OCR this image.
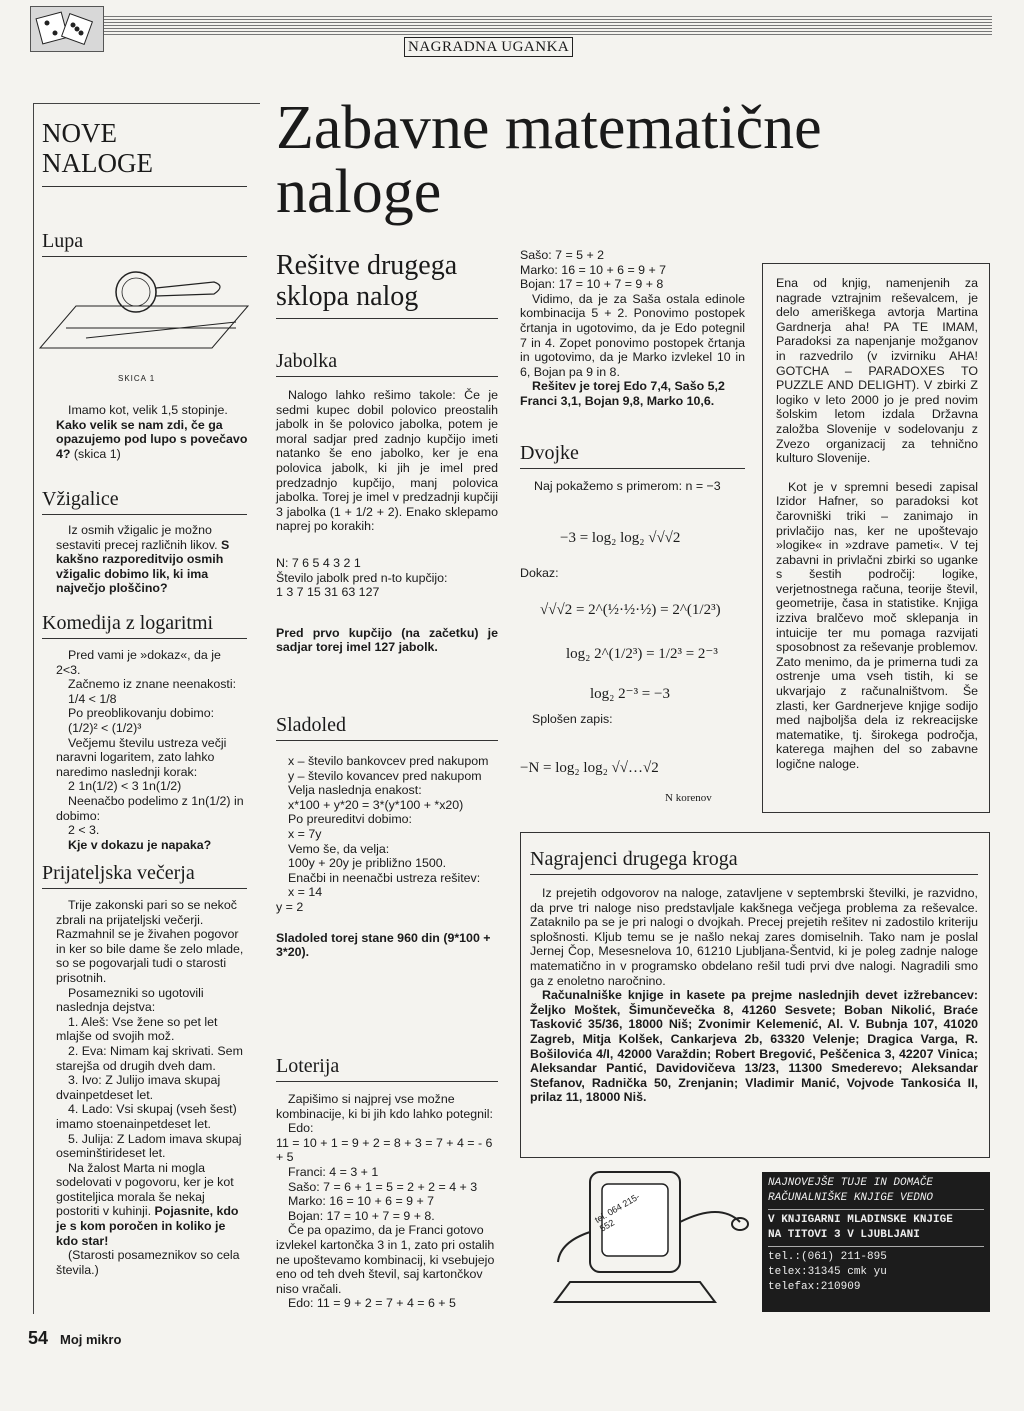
NAGRADNA UGANKA
NOVE
NALOGE
Lupa
SKICA 1

Imamo kot, velik 1,5 stopinje. Kako velik se nam zdi, če ga opazujemo pod lupo s povečavo 4? (skica 1)

Vžigalice

Iz osmih vžigalic je možno sestaviti precej različnih likov. S kakšno razporeditvijo osmih vžigalic dobimo lik, ki ima največjo ploščino?

Komedija z logaritmi

Pred vami je »dokaz«, da je 2<3.

Začnemo iz znane neenakosti:

1/4 < 1/8

Po preoblikovanju dobimo:

(1/2)² < (1/2)³

Večjemu številu ustreza večji naravni logaritem, zato lahko naredimo naslednji korak:

2 1n(1/2) < 3 1n(1/2)

Neenačbo podelimo z 1n(1/2) in dobimo:

2 < 3.

Kje v dokazu je napaka?

Prijateljska večerja

Trije zakonski pari so se nekoč zbrali na prijateljski večerji. Razmahnil se je živahen pogovor in ker so bile dame še zelo mlade, so se pogovarjali tudi o starosti prisotnih.

Posamezniki so ugotovili naslednja dejstva:

1. Aleš: Vse žene so pet let mlajše od svojih mož.

2. Eva: Nimam kaj skrivati. Sem starejša od drugih dveh dam.

3. Ivo: Z Julijo imava skupaj dvainpetdeset let.

4. Lado: Vsi skupaj (vseh šest) imamo stoenainpetdeset let.

5. Julija: Z Ladom imava skupaj oseminštirideset let.

Na žalost Marta ni mogla sodelovati v pogovoru, ker je kot gostiteljica morala še nekaj postoriti v kuhinji. Pojasnite, kdo je s kom poročen in koliko je kdo star!

(Starosti posameznikov so cela števila.)

54 Moj mikro
Zabavne matematične
naloge
Rešitve drugega sklopa nalog
Jabolka

Nalogo lahko rešimo takole: Če je sedmi kupec dobil polovico preostalih jabolk in še polovico jabolka, potem je moral sadjar pred zadnjo kupčijo imeti natanko še eno jabolko, ker je ena polovica jabolk, ki jih je imel pred predzadnjo kupčijo, manj polovica jabolka. Torej je imel v predzadnji kupčiji 3 jabolka (1 + 1/2 + 2). Enako sklepamo naprej po korakih:

N: 7 6 5 4 3 2 1

Število jabolk pred n-to kupčijo:

1 3 7 15 31 63 127

Pred prvo kupčijo (na začetku) je sadjar torej imel 127 jabolk.

Sladoled

x – število bankovcev pred nakupom

y – število kovancev pred nakupom

Velja naslednja enakost:

x*100 + y*20 = 3*(y*100 + *x20)

Po preureditvi dobimo:

x = 7y

Vemo še, da velja:

100y + 20y je približno 1500.

Enačbi in neenačbi ustreza rešitev:

x = 14

y = 2

Sladoled torej stane 960 din (9*100 + 3*20).

Loterija

Zapišimo si najprej vse možne kombinacije, ki bi jih kdo lahko potegnil:

Edo:

11 = 10 + 1 = 9 + 2 = 8 + 3 = 7 + 4 = - 6 + 5

Franci: 4 = 3 + 1

Sašo: 7 = 6 + 1 = 5 = 2 + 2 = 4 + 3

Marko: 16 = 10 + 6 = 9 + 7

Bojan: 17 = 10 + 7 = 9 + 8.

Če pa opazimo, da je Franci gotovo izvlekel kartončka 3 in 1, zato pri ostalih ne upoštevamo kombinacij, ki vsebujejo eno od teh dveh števil, saj kartončkov niso vračali.

Edo: 11 = 9 + 2 = 7 + 4 = 6 + 5

Sašo: 7 = 5 + 2

Marko: 16 = 10 + 6 = 9 + 7

Bojan: 17 = 10 + 7 = 9 + 8

Vidimo, da je za Saša ostala edinole kombinacija 5 + 2. Ponovimo postopek črtanja in ugotovimo, da je Edo potegnil 7 in 4. Zopet ponovimo postopek črtanja in ugotovimo, da je Marko izvlekel 10 in 6, Bojan pa 9 in 8.

Rešitev je torej Edo 7,4, Sašo 5,2 Franci 3,1, Bojan 9,8, Marko 10,6.

Dvojke
Naj pokažemo s primerom: n = −3
−3 = log₂ log₂ √√√2
Dokaz:
√√√2 = 2^(½·½·½) = 2^(1/2³)
log₂ 2^(1/2³) = 1/2³ = 2⁻³
log₂ 2⁻³ = −3
Splošen zapis:
−N = log₂ log₂ √√…√2
N korenov

Ena od knjig, namenjenih za nagrade vztrajnim reševalcem, je delo ameriškega avtorja Martina Gardnerja aha! PA TE IMAM, Paradoksi za napenjanje možganov in razvedrilo (v izvirniku AHA! GOTCHA – PARADOXES TO PUZZLE AND DELIGHT). V zbirki Z logiko v leto 2000 jo je pred novim šolskim letom izdala Državna založba Slovenije v sodelovanju z Zvezo organizacij za tehnično kulturo Slovenije.

Kot je v spremni besedi zapisal Izidor Hafner, so paradoksi kot čarovniški triki – zanimajo in privlačijo nas, ker ne upoštevajo »logike« in »zdrave pameti«. V tej zabavni in privlačni zbirki so uganke s šestih področij: logike, verjetnostnega računa, teorije števil, geometrije, časa in statistike. Knjiga izziva bralčevo moč sklepanja in intuicije ter mu pomaga razvijati sposobnost za reševanje problemov. Zato menimo, da je primerna tudi za ostrenje uma vseh tistih, ki se ukvarjajo z računalništvom. Še zlasti, ker Gardnerjeve knjige sodijo med najboljša dela iz rekreacijske matematike, tj. širokega področja, katerega majhen del so zabavne logične naloge.

Nagrajenci drugega kroga

Iz prejetih odgovorov na naloge, zatavljene v septembrski številki, je razvidno, da prve tri naloge niso predstavljale kakšnega večjega problema za reševalce. Zataknilo pa se je pri nalogi o dvojkah. Precej prejetih rešitev ni zadostilo kriteriju splošnosti. Kljub temu se je našlo nekaj zares domiselnih. Tako nam je poslal Jernej Čop, Mesesnelova 10, 61210 Ljubljana-Šentvid, ki je poleg zadnje naloge matematično in v programsko obdelano rešil tudi prvi dve nalogi. Nagradili smo ga z enoletno naročnino.

Računalniške knjige in kasete pa prejme naslednjih devet izžrebancev: Željko Moštek, Šimunčevečka 8, 41260 Sesvete; Boban Nikolić, Braće Tasković 35/36, 18000 Niš; Zvonimir Kelemenić, Al. V. Bubnja 107, 41020 Zagreb, Mitja Kolšek, Cankarjeva 2b, 63320 Velenje; Dragica Varga, R. Bošilovića 4/I, 42000 Varaždin; Robert Bregović, Peščenica 3, 42207 Vinica; Aleksandar Pantić, Davidovičeva 13/23, 11300 Smederevo; Aleksandar Stefanov, Radnička 50, Zrenjanin; Vladimir Manić, Vojvode Tankosića II, prilaz 11, 18000 Niš.

tel. 064 215-552
NAJNOVEJŠE TUJE IN DOMAČE
RAČUNALNIŠKE KNJIGE VEDNO
V KNJIGARNI MLADINSKE KNJIGE
NA TITOVI 3 V LJUBLJANI
tel.:(061) 211-895
telex:31345 cmk yu
telefax:210909
